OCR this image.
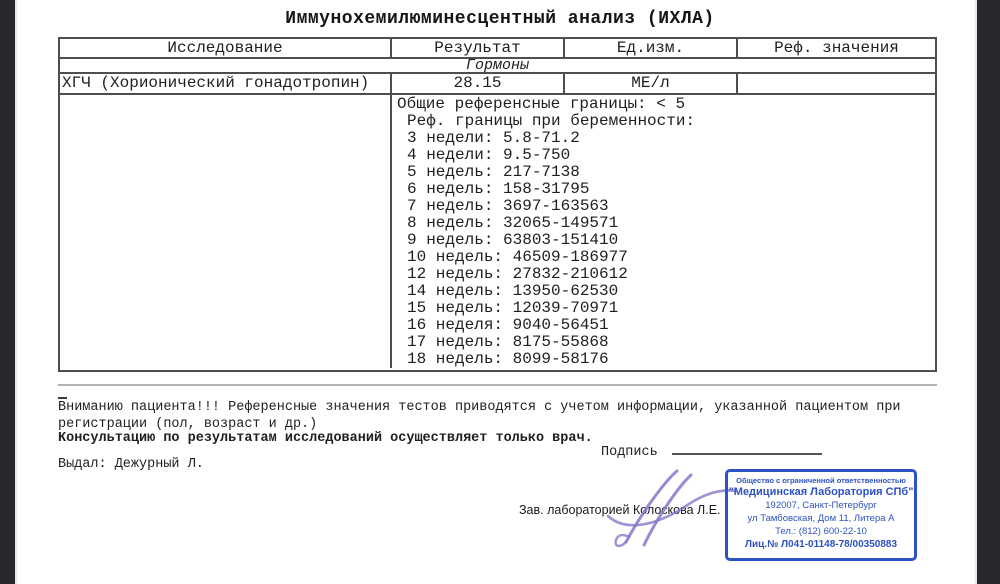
Иммунохемилюминесцентный анализ (ИХЛА)
Исследование	Результат	Ед.изм.	Реф. значения
Гормоны
ХГЧ (Хорионический гонадотропин)	28.15	МЕ/л
Общие референсные границы: < 5
Реф. границы при беременности:
3 недели: 5.8-71.2
4 недели: 9.5-750
5 недель: 217-7138
6 недель: 158-31795
7 недель: 3697-163563
8 недель: 32065-149571
9 недель: 63803-151410
10 недель: 46509-186977
12 недель: 27832-210612
14 недель: 13950-62530
15 недель: 12039-70971
16 неделя: 9040-56451
17 недель: 8175-55868
18 недель: 8099-58176
Вниманию пациента!!! Референсные значения тестов приводятся с учетом информации, указанной пациентом при
регистрации (пол, возраст и др.)
Консультацию по результатам исследований осуществляет только врач.
Подпись
Выдал: Дежурный Л.
Зав. лабораторией Колоскова Л.Е.
Общество с ограниченной ответственностью
"Медицинская Лаборатория СПб"
192007, Санкт-Петербург
ул Тамбовская, Дом 11, Литера А
Тел.: (812) 600-22-10
Лиц.№ Л041-01148-78/00350883
